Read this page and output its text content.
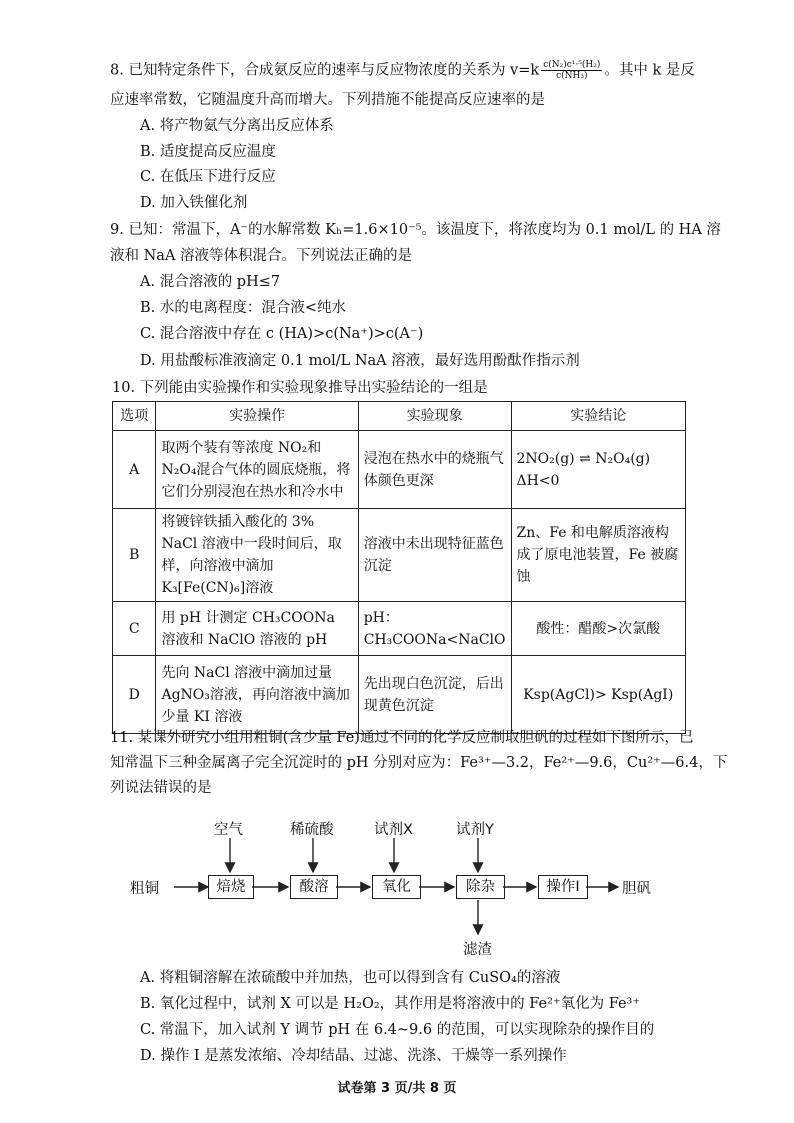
8. 已知特定条件下，合成氨反应的速率与反应物浓度的关系为 $v=k \frac{\text{c(N₂)c¹·⁵(H₂)}}{\text{c(NH₃)}}$ 。其中 k 是反
应速率常数，它随温度升高而增大。下列措施不能提高反应速率的是
A. 将产物氨气分离出反应体系
B. 适度提高反应温度
C. 在低压下进行反应
D. 加入铁催化剂
9. 已知：常温下，A⁻的水解常数 Kₕ=1.6×10⁻⁵。该温度下，将浓度均为 0.1 mol/L 的 HA 溶
液和 NaA 溶液等体积混合。下列说法正确的是
A. 混合溶液的 pH≤7
B. 水的电离程度：混合液<纯水
C. 混合溶液中存在 c (HA)>c(Na⁺)>c(A⁻)
D. 用盐酸标准液滴定 0.1 mol/L NaA 溶液，最好选用酚酞作指示剂
10. 下列能由实验操作和实验现象推导出实验结论的一组是
选项	实验操作	实验现象	实验结论
A	取两个装有等浓度 NO₂和 N₂O₄混合气体的圆底烧瓶，将它们分别浸泡在热水和冷水中	浸泡在热水中的烧瓶气体颜色更深	2NO₂(g) ⇌ N₂O₄(g)
ΔH<0

B	将镀锌铁插入酸化的 3% NaCl 溶液中一段时间后，取样，向溶液中滴加 K₃[Fe(CN)₆]溶液	溶液中未出现特征蓝色沉淀	Zn、Fe 和电解质溶液构成了原电池装置，Fe 被腐蚀
C	用 pH 计测定 CH₃COONa 溶液和 NaClO 溶液的 pH	pH：CH₃COONa<NaClO	酸性：醋酸>次氯酸
D	先向 NaCl 溶液中滴加过量 AgNO₃溶液，再向溶液中滴加少量 KI 溶液	先出现白色沉淀，后出现黄色沉淀	Ksp(AgCl)> Ksp(AgI)
11. 某课外研究小组用粗铜(含少量 Fe)通过不同的化学反应制取胆矾的过程如下图所示，已
知常温下三种金属离子完全沉淀时的 pH 分别对应为：Fe³⁺—3.2，Fe²⁺—9.6，Cu²⁺—6.4，下
列说法错误的是
粗铜	焙烧	酸溶	氧化	除杂	操作I	胆矾
空气	稀硫酸	试剂X	试剂Y
滤渣
A. 将粗铜溶解在浓硫酸中并加热，也可以得到含有 CuSO₄的溶液
B. 氧化过程中，试剂 X 可以是 H₂O₂，其作用是将溶液中的 Fe²⁺氧化为 Fe³⁺
C. 常温下，加入试剂 Y 调节 pH 在 6.4~9.6 的范围，可以实现除杂的操作目的
D. 操作 I 是蒸发浓缩、冷却结晶、过滤、洗涤、干燥等一系列操作
试卷第 3 页/共 8 页
